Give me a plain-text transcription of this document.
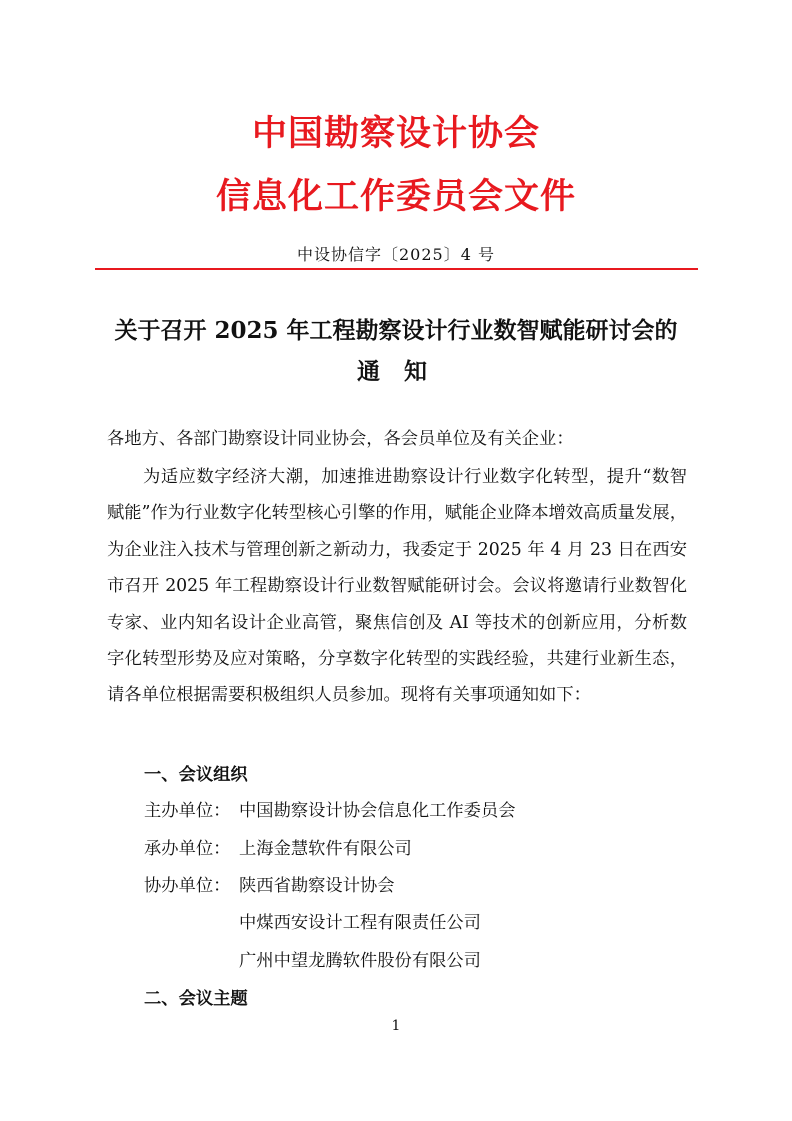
中国勘察设计协会
信息化工作委员会文件
中设协信字〔2025〕4 号
关于召开 2025 年工程勘察设计行业数智赋能研讨会的
通 知
各地方、各部门勘察设计同业协会，各会员单位及有关企业：
为适应数字经济大潮，加速推进勘察设计行业数字化转型，提升“数智赋能”作为行业数字化转型核心引擎的作用，赋能企业降本增效高质量发展，为企业注入技术与管理创新之新动力，我委定于 2025 年 4 月 23 日在西安市召开 2025 年工程勘察设计行业数智赋能研讨会。会议将邀请行业数智化专家、业内知名设计企业高管，聚焦信创及 AI 等技术的创新应用，分析数字化转型形势及应对策略，分享数字化转型的实践经验，共建行业新生态，请各单位根据需要积极组织人员参加。现将有关事项通知如下：
一、会议组织
主办单位： 中国勘察设计协会信息化工作委员会
承办单位： 上海金慧软件有限公司
协办单位： 陕西省勘察设计协会
中煤西安设计工程有限责任公司
广州中望龙腾软件股份有限公司
二、会议主题
1
